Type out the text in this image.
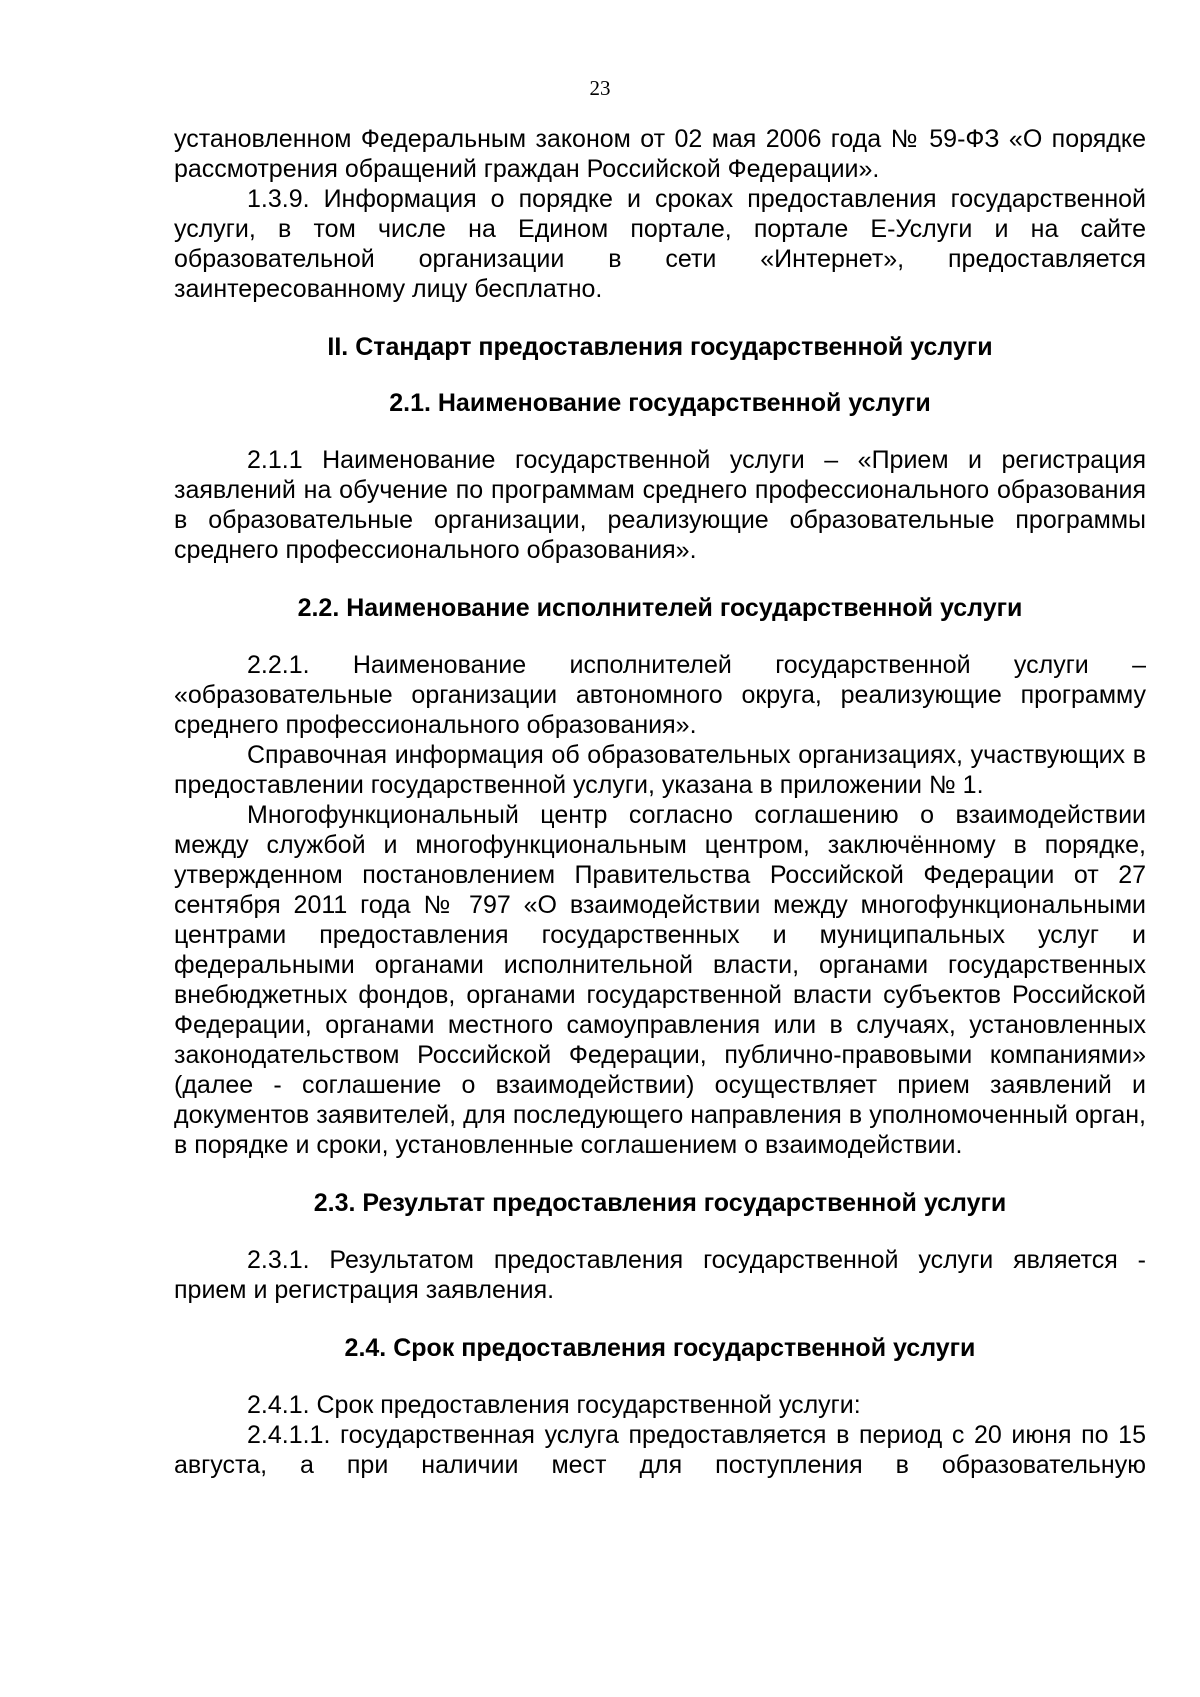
23

установленном Федеральным законом от 02 мая 2006 года № 59-ФЗ «О порядке рассмотрения обращений граждан Российской Федерации».

1.3.9. Информация о порядке и сроках предоставления государственной услуги, в том числе на Едином портале, портале Е-Услуги и на сайте образовательной организации в сети «Интернет», предоставляется заинтересованному лицу бесплатно.

II. Стандарт предоставления государственной услуги
2.1. Наименование государственной услуги

2.1.1 Наименование государственной услуги – «Прием и регистрация заявлений на обучение по программам среднего профессионального образования в образовательные организации, реализующие образовательные программы среднего профессионального образования».

2.2. Наименование исполнителей государственной услуги

2.2.1. Наименование исполнителей государственной услуги – «образовательные организации автономного округа, реализующие программу среднего профессионального образования».

Справочная информация об образовательных организациях, участвующих в предоставлении государственной услуги, указана в приложении № 1.

Многофункциональный центр согласно соглашению о взаимодействии между службой и многофункциональным центром, заключённому в порядке, утвержденном постановлением Правительства Российской Федерации от 27 сентября 2011 года № 797 «О взаимодействии между многофункциональными центрами предоставления государственных и муниципальных услуг и федеральными органами исполнительной власти, органами государственных внебюджетных фондов, органами государственной власти субъектов Российской Федерации, органами местного самоуправления или в случаях, установленных законодательством Российской Федерации, публично-правовыми компаниями» (далее - соглашение о взаимодействии) осуществляет прием заявлений и документов заявителей, для последующего направления в уполномоченный орган, в порядке и сроки, установленные соглашением о взаимодействии.

2.3. Результат предоставления государственной услуги

2.3.1. Результатом предоставления государственной услуги является - прием и регистрация заявления.

2.4. Срок предоставления государственной услуги

2.4.1. Срок предоставления государственной услуги:

2.4.1.1. государственная услуга предоставляется в период с 20 июня по 15 августа, а при наличии мест для поступления в образовательную
